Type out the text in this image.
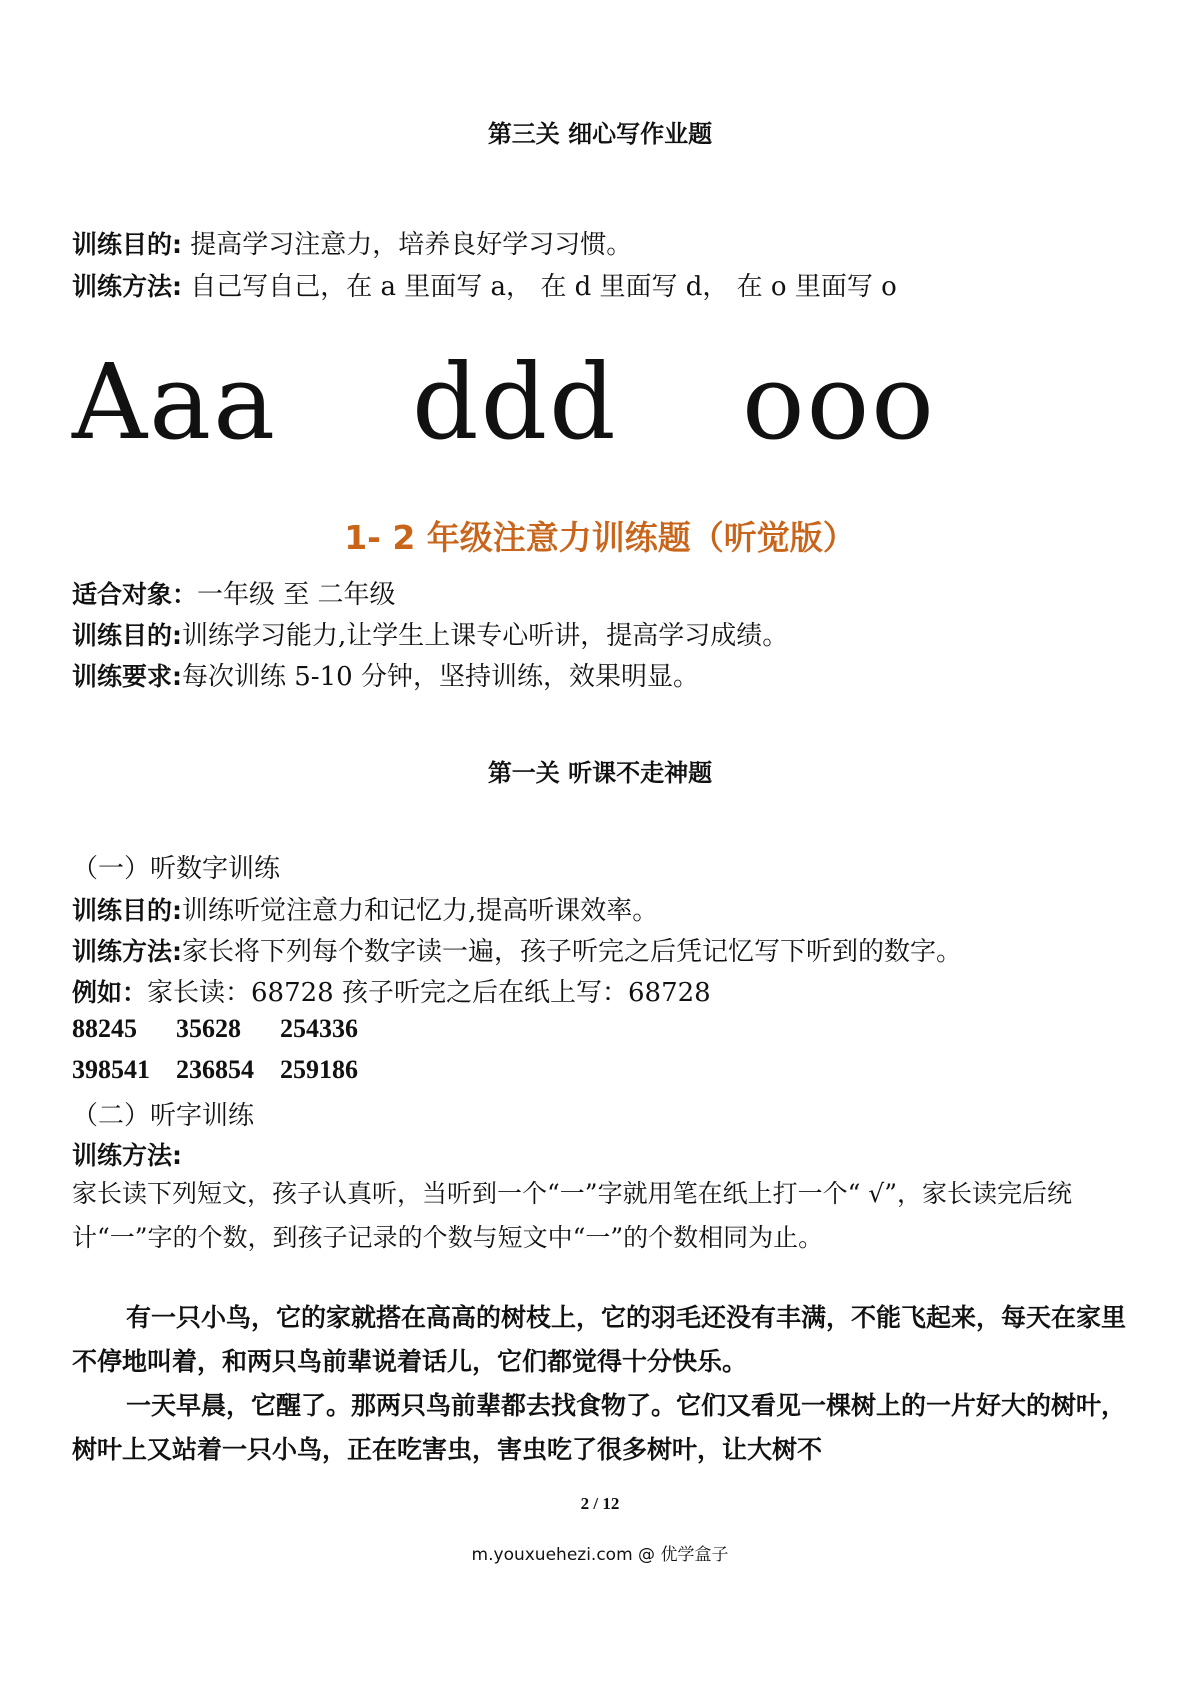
第三关 细心写作业题
训练目的: 提高学习注意力，培养良好学习习惯。
训练方法: 自己写自己，在 a 里面写 a， 在 d 里面写 d， 在 o 里面写 o
Aaa ddd ooo
1- 2 年级注意力训练题（听觉版）
适合对象：一年级 至 二年级
训练目的:训练学习能力,让学生上课专心听讲，提高学习成绩。
训练要求:每次训练 5-10 分钟，坚持训练，效果明显。
第一关 听课不走神题
（一）听数字训练
训练目的:训练听觉注意力和记忆力,提高听课效率。
训练方法:家长将下列每个数字读一遍，孩子听完之后凭记忆写下听到的数字。
例如：家长读：68728 孩子听完之后在纸上写：68728
88245 35628 254336
398541 236854 259186
（二）听字训练
训练方法:
家长读下列短文，孩子认真听，当听到一个“一”字就用笔在纸上打一个“ √”，家长读完后统计“一”字的个数，到孩子记录的个数与短文中“一”的个数相同为止。

有一只小鸟，它的家就搭在高高的树枝上，它的羽毛还没有丰满，不能飞起来，每天在家里不停地叫着，和两只鸟前辈说着话儿，它们都觉得十分快乐。

一天早晨，它醒了。那两只鸟前辈都去找食物了。它们又看见一棵树上的一片好大的树叶，树叶上又站着一只小鸟，正在吃害虫，害虫吃了很多树叶，让大树不

2 / 12
m.youxuehezi.com @ 优学盒子
